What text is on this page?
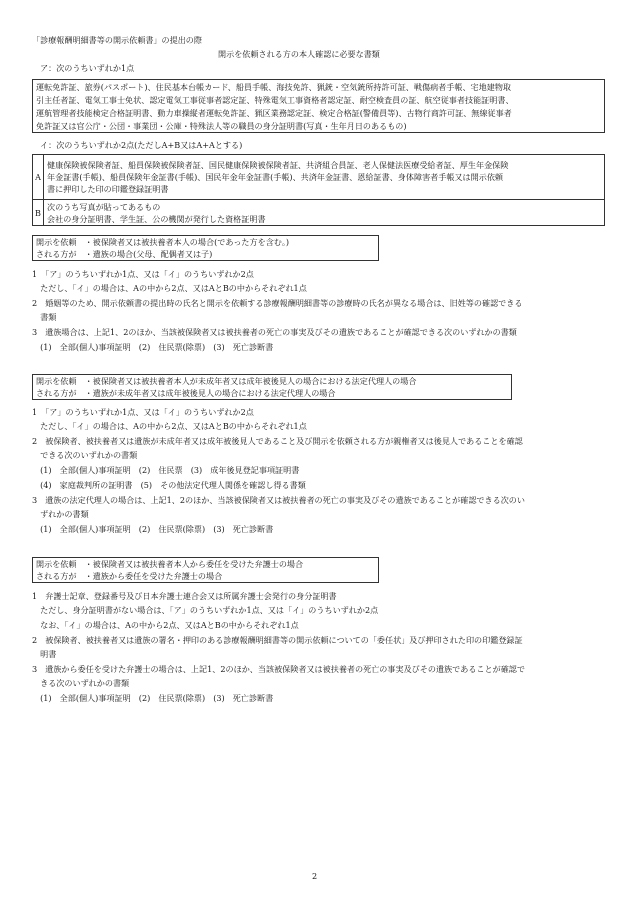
「診療報酬明細書等の開示依頼書」の提出の際
開示を依頼される方の本人確認に必要な書類
ア：次のうちいずれか1点
運転免許証、旅券(パスポート)、住民基本台帳カード、船員手帳、海技免許、猟銃・空気銃所持許可証、戦傷病者手帳、宅地建物取
引主任者証、電気工事士免状、認定電気工事従事者認定証、特殊電気工事資格者認定証、耐空検査員の証、航空従事者技能証明書、
運航管理者技能検定合格証明書、動力車操縦者運転免許証、猟区業務認定証、検定合格証(警備員等)、古物行商許可証、無線従事者
免許証又は官公庁・公団・事業団・公庫・特殊法人等の職員の身分証明書(写真・生年月日のあるもの)
イ：次のうちいずれか2点(ただしA+B又はA+Aとする)
A	健康保険被保険者証、船員保険被保険者証、国民健康保険被保険者証、共済組合員証、老人保健法医療受給者証、厚生年金保険
年金証書(手帳)、船員保険年金証書(手帳)、国民年金年金証書(手帳)、共済年金証書、恩給証書、身体障害者手帳又は開示依頼
書に押印した印の印鑑登録証明書

B	次のうち写真が貼ってあるもの
会社の身分証明書、学生証、公の機関が発行した資格証明書
開示を依頼　・被保険者又は被扶養者本人の場合(であった方を含む。)
される方が　・遺族の場合(父母、配偶者又は子)
1　「ア」のうちいずれか1点、又は「イ」のうちいずれか2点
　ただし、「イ」の場合は、Aの中から2点、又はAとBの中からそれぞれ1点
2　婚姻等のため、開示依頼書の提出時の氏名と開示を依頼する診療報酬明細書等の診療時の氏名が異なる場合は、旧姓等の確認できる
　書類
3　遺族場合は、上記1、2のほか、当該被保険者又は被扶養者の死亡の事実及びその遺族であることが確認できる次のいずれかの書類
　(1)　全部(個人)事項証明　(2)　住民票(除票)　(3)　死亡診断書
開示を依頼　・被保険者又は被扶養者本人が未成年者又は成年被後見人の場合における法定代理人の場合
される方が　・遺族が未成年者又は成年被後見人の場合における法定代理人の場合
1　「ア」のうちいずれか1点、又は「イ」のうちいずれか2点
　ただし、「イ」の場合は、Aの中から2点、又はAとBの中からそれぞれ1点
2　被保険者、被扶養者又は遺族が未成年者又は成年被後見人であること及び開示を依頼される方が親権者又は後見人であることを確認
　できる次のいずれかの書類
　(1)　全部(個人)事項証明　(2)　住民票　(3)　成年後見登記事項証明書
　(4)　家庭裁判所の証明書　(5)　その他法定代理人関係を確認し得る書類
3　遺族の法定代理人の場合は、上記1、2のほか、当該被保険者又は被扶養者の死亡の事実及びその遺族であることが確認できる次のい
　ずれかの書類
　(1)　全部(個人)事項証明　(2)　住民票(除票)　(3)　死亡診断書
開示を依頼　・被保険者又は被扶養者本人から委任を受けた弁護士の場合
される方が　・遺族から委任を受けた弁護士の場合
1　弁護士記章、登録番号及び日本弁護士連合会又は所属弁護士会発行の身分証明書
　ただし、身分証明書がない場合は、「ア」のうちいずれか1点、又は「イ」のうちいずれか2点
　なお、「イ」の場合は、Aの中から2点、又はAとBの中からそれぞれ1点
2　被保険者、被扶養者又は遺族の署名・押印のある診療報酬明細書等の開示依頼についての「委任状」及び押印された印の印鑑登録証
　明書
3　遺族から委任を受けた弁護士の場合は、上記1、2のほか、当該被保険者又は被扶養者の死亡の事実及びその遺族であることが確認で
　きる次のいずれかの書類
　(1)　全部(個人)事項証明　(2)　住民票(除票)　(3)　死亡診断書
2
